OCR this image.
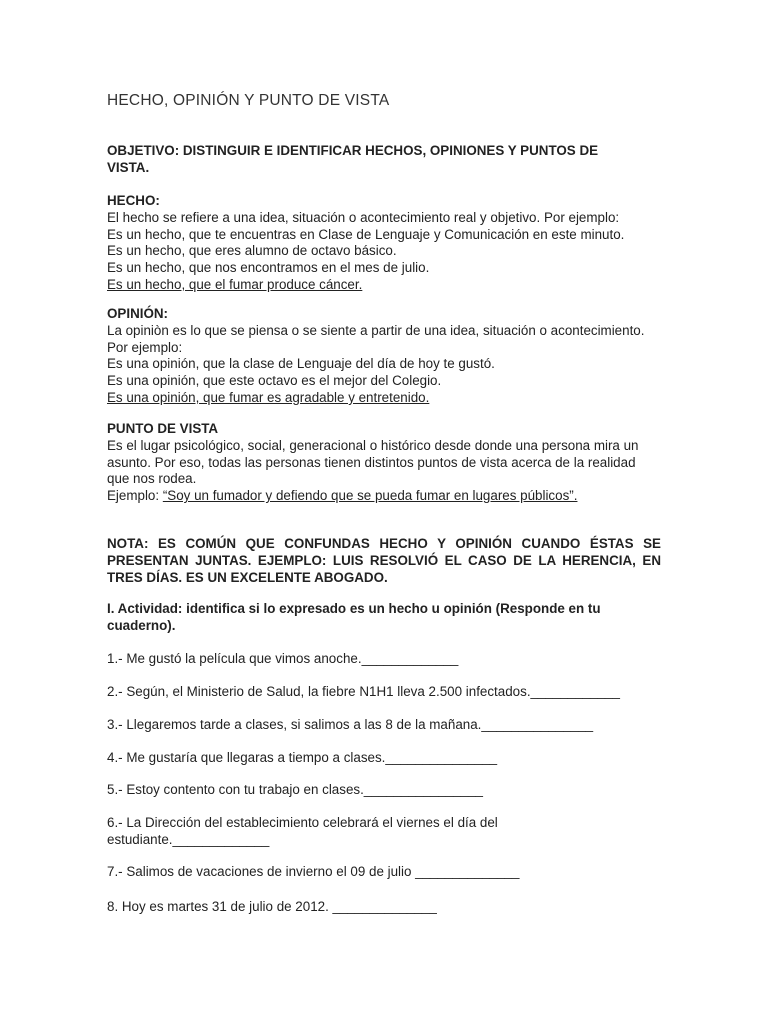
HECHO, OPINIÓN Y PUNTO DE VISTA
OBJETIVO: DISTINGUIR E IDENTIFICAR HECHOS, OPINIONES Y PUNTOS DE VISTA.

HECHO:

El hecho se refiere a una idea, situación o acontecimiento real y objetivo. Por ejemplo:

Es un hecho, que te encuentras en Clase de Lenguaje y Comunicación en este minuto.

Es un hecho, que eres alumno de octavo básico.

Es un hecho, que nos encontramos en el mes de julio.

Es un hecho, que el fumar produce cáncer.

OPINIÓN:

La opiniòn es lo que se piensa o se siente a partir de una idea, situación o acontecimiento.

Por ejemplo:

Es una opinión, que la clase de Lenguaje del día de hoy te gustó.

Es una opinión, que este octavo es el mejor del Colegio.

Es una opinión, que fumar es agradable y entretenido.

PUNTO DE VISTA

Es el lugar psicológico, social, generacional o histórico desde donde una persona mira un asunto. Por eso, todas las personas tienen distintos puntos de vista acerca de la realidad que nos rodea.

Ejemplo: “Soy un fumador y defiendo que se pueda fumar en lugares públicos”.

NOTA: ES COMÚN QUE CONFUNDAS HECHO Y OPINIÓN CUANDO ÉSTAS SE PRESENTAN JUNTAS. EJEMPLO: LUIS RESOLVIÓ EL CASO DE LA HERENCIA, EN TRES DÍAS. ES UN EXCELENTE ABOGADO.
I. Actividad: identifica si lo expresado es un hecho u opinión (Responde en tu cuaderno).
1.- Me gustó la película que vimos anoche._____________
2.- Según, el Ministerio de Salud, la fiebre N1H1 lleva 2.500 infectados.____________
3.- Llegaremos tarde a clases, si salimos a las 8 de la mañana._______________
4.- Me gustaría que llegaras a tiempo a clases._______________
5.- Estoy contento con tu trabajo en clases.________________
6.- La Dirección del establecimiento celebrará el viernes el día del estudiante._____________
7.- Salimos de vacaciones de invierno el 09 de julio ______________
8. Hoy es martes 31 de julio de 2012. ______________
